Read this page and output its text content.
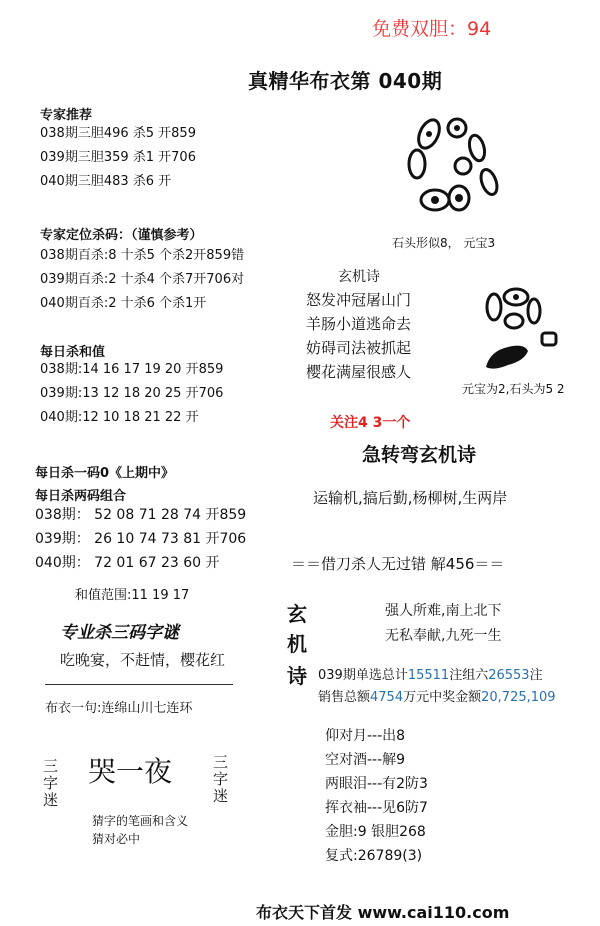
免费双胆：94
真精华布衣第 040期
专家推荐
038期三胆496 杀5 开859
039期三胆359 杀1 开706
040期三胆483 杀6 开
专家定位杀码：（谨慎参考）
038期百杀:8 十杀5 个杀2开859错
039期百杀:2 十杀4 个杀7开706对
040期百杀:2 十杀6 个杀1开
每日杀和值
038期:14 16 17 19 20 开859
039期:13 12 18 20 25 开706
040期:12 10 18 21 22 开
每日杀一码0《上期中》
每日杀两码组合
038期： 52 08 71 28 74 开859
039期： 26 10 74 73 81 开706
040期： 72 01 67 23 60 开
和值范围:11 19 17
专业杀三码字谜
吃晚宴，不赶情，樱花红
布衣一句:连绵山川七连环
三字迷 哭一夜	三字迷
猜字的笔画和含义
猜对必中
石头形似8， 元宝3
玄机诗
怒发冲冠屠山门
羊肠小道逃命去
妨碍司法被抓起
樱花满屋很感人
元宝为2,石头为5 2
关注4 3一个
急转弯玄机诗
运输机,搞后勤,杨柳树,生两岸
＝＝借刀杀人无过错 解456＝＝
玄
机
诗
强人所难,南上北下
无私奉献,九死一生
039期单选总计15511注组六26553注
销售总额4754万元中奖金额20,725,109
仰对月---出8
空对酒---解9
两眼泪---有2防3
挥衣袖---见6防7
金胆:9 银胆268
复式:26789(3)
布衣天下首发 www.cai110.com
